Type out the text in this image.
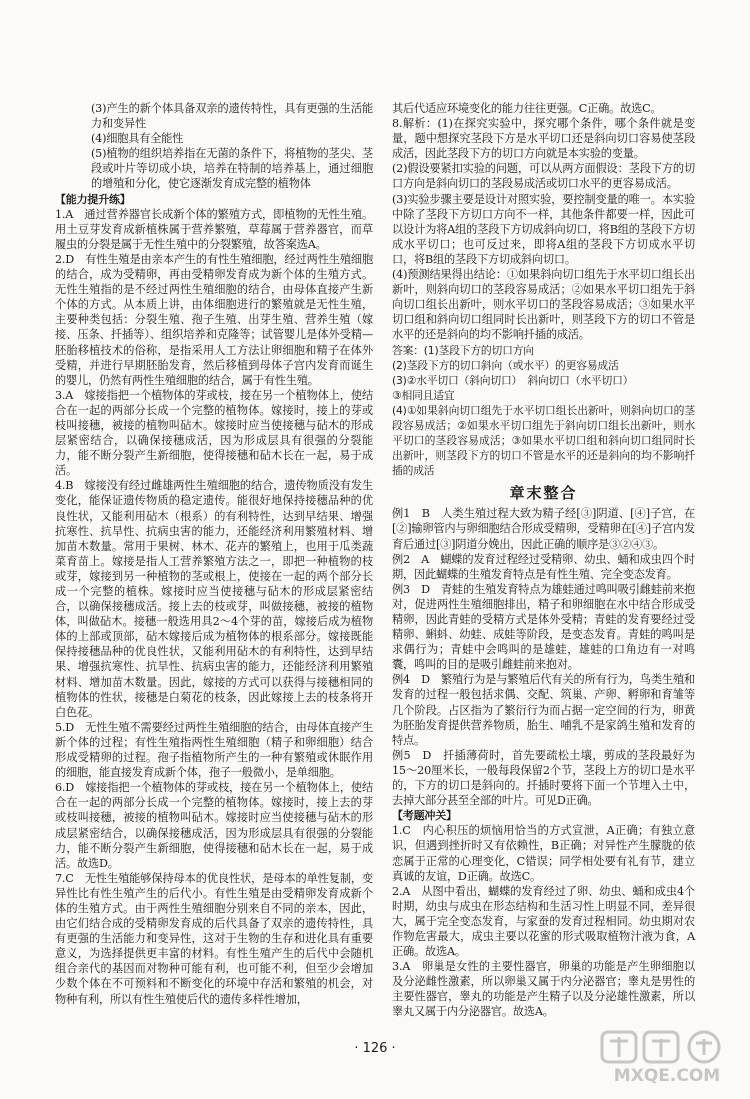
(3)产生的新个体具备双亲的遗传特性，具有更强的生活能力和变异性

(4)细胞具有全能性

(5)植物的组织培养指在无菌的条件下，将植物的茎尖、茎段或叶片等切成小块，培养在特制的培养基上，通过细胞的增殖和分化，使它逐渐发育成完整的植物体

【能力提升练】

1.A　通过营养器官长成新个体的繁殖方式，即植物的无性生殖。用土豆芽发育成新植株属于营养繁殖，草莓属于营养器官，而草履虫的分裂是属于无性生殖中的分裂繁殖，故答案选A。

2.D　有性生殖是由亲本产生的有性生殖细胞，经过两性生殖细胞的结合，成为受精卵，再由受精卵发育成为新个体的生殖方式。无性生殖指的是不经过两性生殖细胞的结合，由母体直接产生新个体的方式。从本质上讲，由体细胞进行的繁殖就是无性生殖，主要种类包括：分裂生殖、孢子生殖、出芽生殖、营养生殖（嫁接、压条、扦插等）、组织培养和克隆等；试管婴儿是体外受精—胚胎移植技术的俗称，是指采用人工方法让卵细胞和精子在体外受精，并进行早期胚胎发育，然后移植到母体子宫内发育而诞生的婴儿，仍然有两性生殖细胞的结合，属于有性生殖。

3.A　嫁接指把一个植物体的芽或枝，接在另一个植物体上，使结合在一起的两部分长成一个完整的植物体。嫁接时，接上的芽或枝叫接穗，被接的植物叫砧木。嫁接时应当使接穗与砧木的形成层紧密结合，以确保接穗成活，因为形成层具有很强的分裂能力，能不断分裂产生新细胞，使得接穗和砧木长在一起，易于成活。

4.B　嫁接没有经过雌雄两性生殖细胞的结合，遗传物质没有发生变化，能保证遗传物质的稳定遗传。能很好地保持接穗品种的优良性状，又能利用砧木（根系）的有利特性，达到早结果、增强抗寒性、抗旱性、抗病虫害的能力，还能经济利用繁殖材料、增加苗木数量。常用于果树、林木、花卉的繁殖上，也用于瓜类蔬菜育苗上。嫁接是指人工营养繁殖方法之一，即把一种植物的枝或芽，嫁接到另一种植物的茎或根上，使接在一起的两个部分长成一个完整的植株。嫁接时应当使接穗与砧木的形成层紧密结合，以确保接穗成活。接上去的枝或芽，叫做接穗，被接的植物体，叫做砧木。接穗一般选用具2～4个芽的苗，嫁接后成为植物体的上部或顶部，砧木嫁接后成为植物体的根系部分。嫁接既能保持接穗品种的优良性状，又能利用砧木的有利特性，达到早结果、增强抗寒性、抗旱性、抗病虫害的能力，还能经济利用繁殖材料、增加苗木数量。因此，嫁接的方式可以获得与接穗相同的植物体的性状，接穗是白菊花的枝条，因此嫁接上去的枝条将开白色花。

5.D　无性生殖不需要经过两性生殖细胞的结合，由母体直接产生新个体的过程；有性生殖指两性生殖细胞（精子和卵细胞）结合形成受精卵的过程。孢子指植物所产生的一种有繁殖或休眠作用的细胞，能直接发育成新个体，孢子一般微小，是单细胞。

6.D　嫁接指把一个植物体的芽或枝，接在另一个植物体上，使结合在一起的两部分长成一个完整的植物体。嫁接时，接上去的芽或枝叫接穗，被接的植物叫砧木。嫁接时应当使接穗与砧木的形成层紧密结合，以确保接穗成活，因为形成层具有很强的分裂能力，能不断分裂产生新细胞，使得接穗和砧木长在一起，易于成活。故选D。

7.C　无性生殖能够保持母本的优良性状，是母本的单性复制，变异性比有性生殖产生的后代小。有性生殖是由受精卵发育成新个体的生殖方式。由于两性生殖细胞分别来自不同的亲本，因此，由它们结合成的受精卵发育成的后代具备了双亲的遗传特性，具有更强的生活能力和变异性，这对于生物的生存和进化具有重要意义，为选择提供更丰富的材料。有性生殖产生的后代中会随机组合亲代的基因而对物种可能有利，也可能不利，但至少会增加少数个体在不可预料和不断变化的环境中存活和繁殖的机会，对物种有利，所以有性生殖使后代的遗传多样性增加，

其后代适应环境变化的能力往往更强。C正确。故选C。

8.解析：(1)在探究实验中，探究哪个条件，哪个条件就是变量，题中想探究茎段下方是水平切口还是斜向切口容易使茎段成活，因此茎段下方的切口方向就是本实验的变量。

(2)假设要紧扣实验的问题，可以从两方面假设：茎段下方的切口方向是斜向切口的茎段易成活或切口水平的更容易成活。

(3)实验步骤主要是设计对照实验，要控制变量的唯一。本实验中除了茎段下方切口方向不一样，其他条件都要一样，因此可以设计为将A组的茎段下方切成斜向切口，将B组的茎段下方切成水平切口；也可反过来，即将A组的茎段下方切成水平切口，将B组的茎段下方切成斜向切口。

(4)预测结果得出结论：①如果斜向切口组先于水平切口组长出新叶，则斜向切口的茎段容易成活；②如果水平切口组先于斜向切口组长出新叶，则水平切口的茎段容易成活；③如果水平切口组和斜向切口组同时长出新叶，则茎段下方的切口不管是水平的还是斜向的均不影响扦插的成活。

答案：(1)茎段下方的切口方向

(2)茎段下方的切口斜向（或水平）的更容易成活

(3)②水平切口（斜向切口）　斜向切口（水平切口）

③相同且适宜

(4)①如果斜向切口组先于水平切口组长出新叶，则斜向切口的茎段容易成活；②如果水平切口组先于斜向切口组长出新叶，则水平切口的茎段容易成活；③如果水平切口组和斜向切口组同时长出新叶，则茎段下方的切口不管是水平的还是斜向的均不影响扦插的成活

章末整合

例1　B　人类生殖过程大致为精子经[③]阴道、[④]子宫，在[②]输卵管内与卵细胞结合形成受精卵，受精卵在[④]子宫内发育后通过[③]阴道分娩出，因此正确的顺序是③②④③。

例2　A　蝴蝶的发育过程经过受精卵、幼虫、蛹和成虫四个时期，因此蝴蝶的生殖发育特点是有性生殖、完全变态发育。

例3　D　青蛙的生殖发育特点为雄蛙通过鸣叫吸引雌蛙前来抱对，促进两性生殖细胞排出，精子和卵细胞在水中结合形成受精卵，因此青蛙的受精方式是体外受精；青蛙的发育要经过受精卵、蝌蚪、幼蛙、成蛙等阶段，是变态发育。青蛙的鸣叫是求偶行为；青蛙中会鸣叫的是雄蛙，雄蛙的口角边有一对鸣囊，鸣叫的目的是吸引雌蛙前来抱对。

例4　D　繁殖行为是与繁殖后代有关的所有行为，鸟类生殖和发育的过程一般包括求偶、交配、筑巢、产卵、孵卵和育雏等几个阶段。占区指为了繁衍行为而占据一定空间的行为，卵黄为胚胎发育提供营养物质，胎生、哺乳不是家鸽生殖和发育的特点。

例5　D　扦插薄荷时，首先要疏松土壤，剪成的茎段最好为15～20厘米长，一般每段保留2个节，茎段上方的切口是水平的，下方的切口是斜向的。扦插时要将下面一个节埋入土中，去掉大部分甚至全部的叶片。可见D正确。

【考题冲关】

1.C　内心积压的烦恼用恰当的方式宣泄，A正确；有独立意识，但遇到挫折时又有依赖性，B正确；对异性产生朦胧的依恋属于正常的心理变化，C错误；同学相处要有礼有节，建立真诚的友谊，D正确。故选C。

2.A　从图中看出，蝴蝶的发育经过了卵、幼虫、蛹和成虫4个时期，幼虫与成虫在形态结构和生活习性上明显不同，差异很大，属于完全变态发育，与家蚕的发育过程相同。幼虫期对农作物危害最大，成虫主要以花蜜的形式吸取植物汁液为食，A正确。故选A。

3.A　卵巢是女性的主要性器官，卵巢的功能是产生卵细胞以及分泌雌性激素，所以卵巢又属于内分泌器官；睾丸是男性的主要性器官，睾丸的功能是产生精子以及分泌雄性激素，所以睾丸又属于内分泌器官。故选A。

· 126 ·
MXQE.COM
